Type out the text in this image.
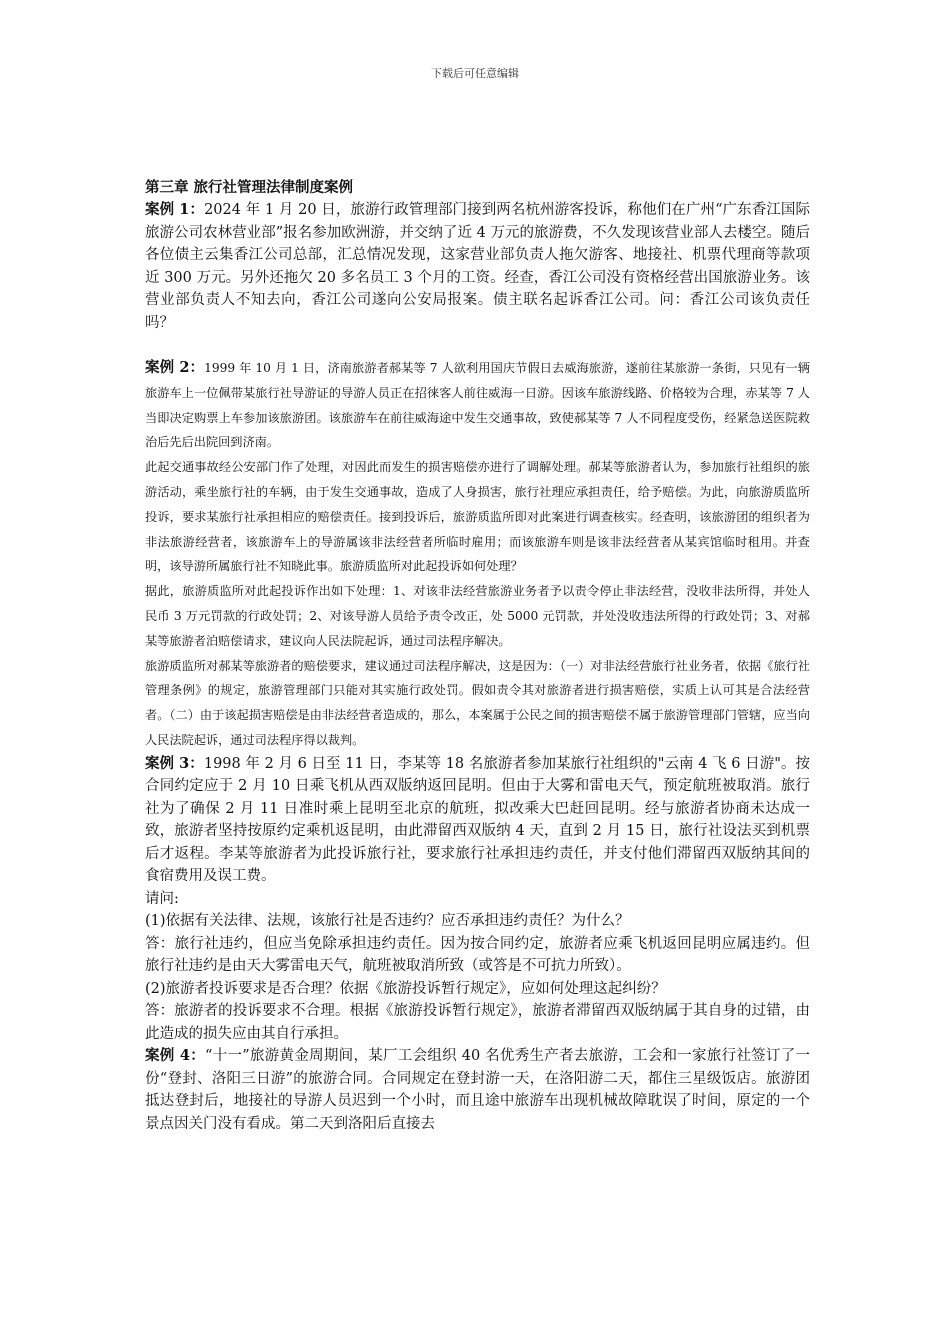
下载后可任意编辑

第三章 旅行社管理法律制度案例

案例 1：2024 年 1 月 20 日，旅游行政管理部门接到两名杭州游客投诉，称他们在广州“广东香江国际旅游公司农林营业部”报名参加欧洲游，并交纳了近 4 万元的旅游费，不久发现该营业部人去楼空。随后各位债主云集香江公司总部，汇总情况发现，这家营业部负责人拖欠游客、地接社、机票代理商等款项近 300 万元。另外还拖欠 20 多名员工 3 个月的工资。经查，香江公司没有资格经营出国旅游业务。该营业部负责人不知去向，香江公司遂向公安局报案。债主联名起诉香江公司。问：香江公司该负责任吗？

案例 2：1999 年 10 月 1 日，济南旅游者郝某等 7 人欲利用国庆节假日去威海旅游，遂前往某旅游一条街，只见有一辆旅游车上一位佩带某旅行社导游证的导游人员正在招徕客人前往威海一日游。因该车旅游线路、价格较为合理，赤某等 7 人当即决定购票上车参加该旅游团。该旅游车在前往威海途中发生交通事故，致使郝某等 7 人不同程度受伤，经紧急送医院救治后先后出院回到济南。

此起交通事故经公安部门作了处理，对因此而发生的损害赔偿亦进行了调解处理。郝某等旅游者认为，参加旅行社组织的旅游活动，乘坐旅行社的车辆，由于发生交通事故，造成了人身损害，旅行社理应承担责任，给予赔偿。为此，向旅游质监所投诉，要求某旅行社承担相应的赔偿责任。接到投诉后，旅游质监所即对此案进行调查核实。经查明，该旅游团的组织者为非法旅游经营者，该旅游车上的导游属该非法经营者所临时雇用；而该旅游车则是该非法经营者从某宾馆临时租用。并查明，该导游所属旅行社不知晓此事。旅游质监所对此起投诉如何处理？

据此，旅游质监所对此起投诉作出如下处理：1、对该非法经营旅游业务者予以责令停止非法经营，没收非法所得，并处人民币 3 万元罚款的行政处罚；2、对该导游人员给予责令改正，处 5000 元罚款，并处没收违法所得的行政处罚；3、对郝某等旅游者泊赔偿请求，建议向人民法院起诉，通过司法程序解决。

旅游质监所对郝某等旅游者的赔偿要求，建议通过司法程序解决，这是因为：（一）对非法经营旅行社业务者，依据《旅行社管理条例》的规定，旅游管理部门只能对其实施行政处罚。假如责令其对旅游者进行损害赔偿，实质上认可其是合法经营者。（二）由于该起损害赔偿是由非法经营者造成的，那么，本案属于公民之间的损害赔偿不属于旅游管理部门管辖，应当向人民法院起诉，通过司法程序得以裁判。

案例 3：1998 年 2 月 6 日至 11 日，李某等 18 名旅游者参加某旅行社组织的"云南 4 飞 6 日游"。按合同约定应于 2 月 10 日乘飞机从西双版纳返回昆明。但由于大雾和雷电天气，预定航班被取消。旅行社为了确保 2 月 11 日准时乘上昆明至北京的航班，拟改乘大巴赶回昆明。经与旅游者协商未达成一致，旅游者坚持按原约定乘机返昆明，由此滞留西双版纳 4 天，直到 2 月 15 日，旅行社设法买到机票后才返程。李某等旅游者为此投诉旅行社，要求旅行社承担违约责任，并支付他们滞留西双版纳其间的食宿费用及误工费。

请问:

(1)依据有关法律、法规，该旅行社是否违约？应否承担违约责任？为什么？

答：旅行社违约，但应当免除承担违约责任。因为按合同约定，旅游者应乘飞机返回昆明应属违约。但旅行社违约是由天大雾雷电天气，航班被取消所致（或答是不可抗力所致）。

(2)旅游者投诉要求是否合理？依据《旅游投诉暂行规定》，应如何处理这起纠纷？

答：旅游者的投诉要求不合理。根据《旅游投诉暂行规定》，旅游者滞留西双版纳属于其自身的过错，由此造成的损失应由其自行承担。

案例 4：“十一”旅游黄金周期间，某厂工会组织 40 名优秀生产者去旅游，工会和一家旅行社签订了一份“登封、洛阳三日游”的旅游合同。合同规定在登封游一天，在洛阳游二天，都住三星级饭店。旅游团抵达登封后，地接社的导游人员迟到一个小时，而且途中旅游车出现机械故障耽误了时间，原定的一个景点因关门没有看成。第二天到洛阳后直接去
